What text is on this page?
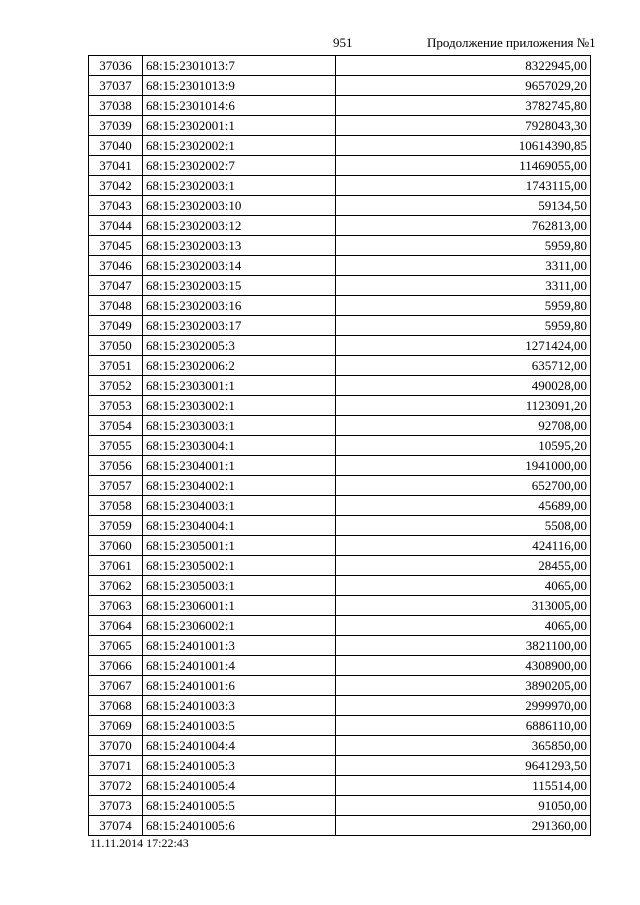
951	Продолжение приложения №1
37036	68:15:2301013:7	8322945,00
37037	68:15:2301013:9	9657029,20
37038	68:15:2301014:6	3782745,80
37039	68:15:2302001:1	7928043,30
37040	68:15:2302002:1	10614390,85
37041	68:15:2302002:7	11469055,00
37042	68:15:2302003:1	1743115,00
37043	68:15:2302003:10	59134,50
37044	68:15:2302003:12	762813,00
37045	68:15:2302003:13	5959,80
37046	68:15:2302003:14	3311,00
37047	68:15:2302003:15	3311,00
37048	68:15:2302003:16	5959,80
37049	68:15:2302003:17	5959,80
37050	68:15:2302005:3	1271424,00
37051	68:15:2302006:2	635712,00
37052	68:15:2303001:1	490028,00
37053	68:15:2303002:1	1123091,20
37054	68:15:2303003:1	92708,00
37055	68:15:2303004:1	10595,20
37056	68:15:2304001:1	1941000,00
37057	68:15:2304002:1	652700,00
37058	68:15:2304003:1	45689,00
37059	68:15:2304004:1	5508,00
37060	68:15:2305001:1	424116,00
37061	68:15:2305002:1	28455,00
37062	68:15:2305003:1	4065,00
37063	68:15:2306001:1	313005,00
37064	68:15:2306002:1	4065,00
37065	68:15:2401001:3	3821100,00
37066	68:15:2401001:4	4308900,00
37067	68:15:2401001:6	3890205,00
37068	68:15:2401003:3	2999970,00
37069	68:15:2401003:5	6886110,00
37070	68:15:2401004:4	365850,00
37071	68:15:2401005:3	9641293,50
37072	68:15:2401005:4	115514,00
37073	68:15:2401005:5	91050,00
37074	68:15:2401005:6	291360,00
11.11.2014 17:22:43
